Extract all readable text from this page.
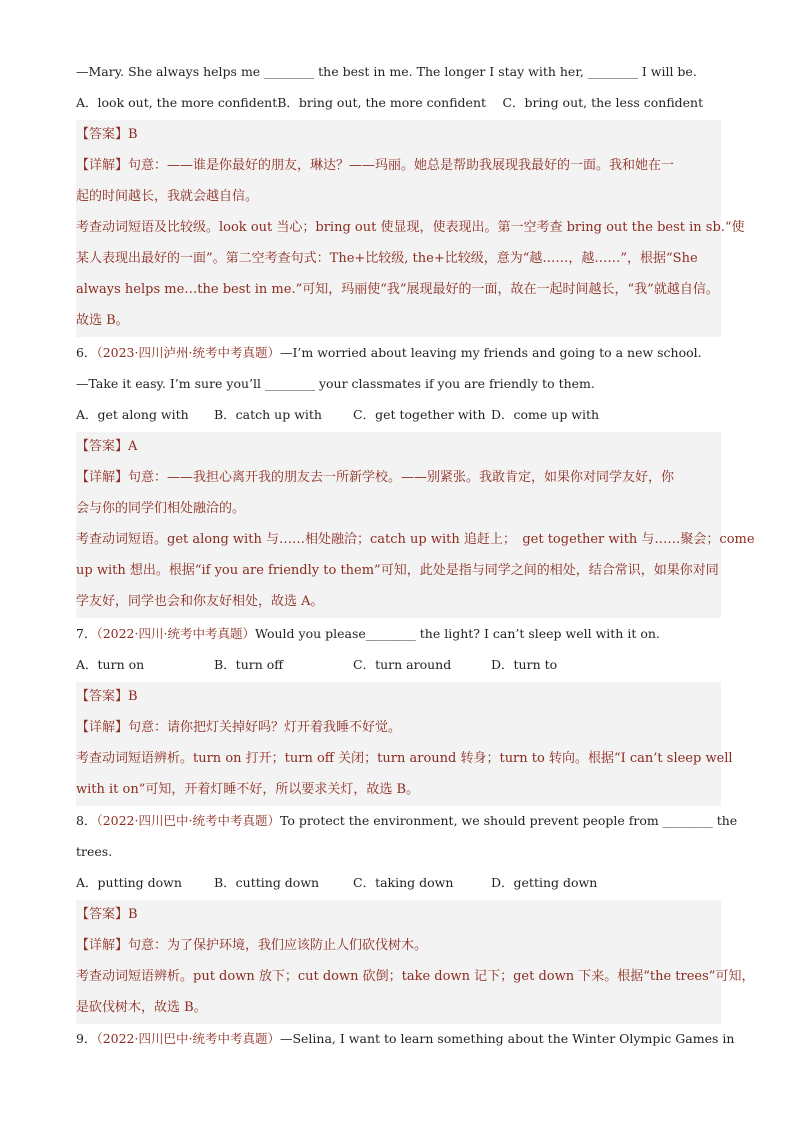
—Mary. She always helps me ________ the best in me. The longer I stay with her, ________ I will be.
A．look out, the more confidentB．bring out, the more confident　 C．bring out, the less confident
【答案】B
【详解】句意：——谁是你最好的朋友，琳达？——玛丽。她总是帮助我展现我最好的一面。我和她在一
起的时间越长，我就会越自信。
考查动词短语及比较级。look out 当心；bring out 使显现，使表现出。第一空考查 bring out the best in sb.“使
某人表现出最好的一面”。第二空考查句式：The+比较级, the+比较级，意为“越……，越……”，根据“She
always helps me…the best in me.”可知，玛丽使“我”展现最好的一面，故在一起时间越长，“我”就越自信。
故选 B。
6．（2023·四川泸州·统考中考真题）—I’m worried about leaving my friends and going to a new school.
—Take it easy. I’m sure you’ll ________ your classmates if you are friendly to them.
A．get along with B．catch up with C．get together with D．come up with
【答案】A
【详解】句意：——我担心离开我的朋友去一所新学校。——别紧张。我敢肯定，如果你对同学友好，你
会与你的同学们相处融洽的。
考查动词短语。get along with 与……相处融洽；catch up with 追赶上；　get together with 与……聚会；come
up with 想出。根据“if you are friendly to them”可知，此处是指与同学之间的相处，结合常识，如果你对同
学友好，同学也会和你友好相处，故选 A。
7．（2022·四川·统考中考真题）Would you please________ the light? I can’t sleep well with it on.
A．turn on	B．turn off	C．turn around	D．turn to
【答案】B
【详解】句意：请你把灯关掉好吗？灯开着我睡不好觉。
考查动词短语辨析。turn on 打开；turn off 关闭；turn around 转身；turn to 转向。根据“I can’t sleep well
with it on”可知，开着灯睡不好，所以要求关灯，故选 B。
8．（2022·四川巴中·统考中考真题）To protect the environment, we should prevent people from ________ the
trees.
A．putting down	B．cutting down	C．taking down	D．getting down
【答案】B
【详解】句意：为了保护环境，我们应该防止人们砍伐树木。
考查动词短语辨析。put down 放下；cut down 砍倒；take down 记下；get down 下来。根据“the trees”可知，
是砍伐树木，故选 B。
9．（2022·四川巴中·统考中考真题）—Selina, I want to learn something about the Winter Olympic Games in
